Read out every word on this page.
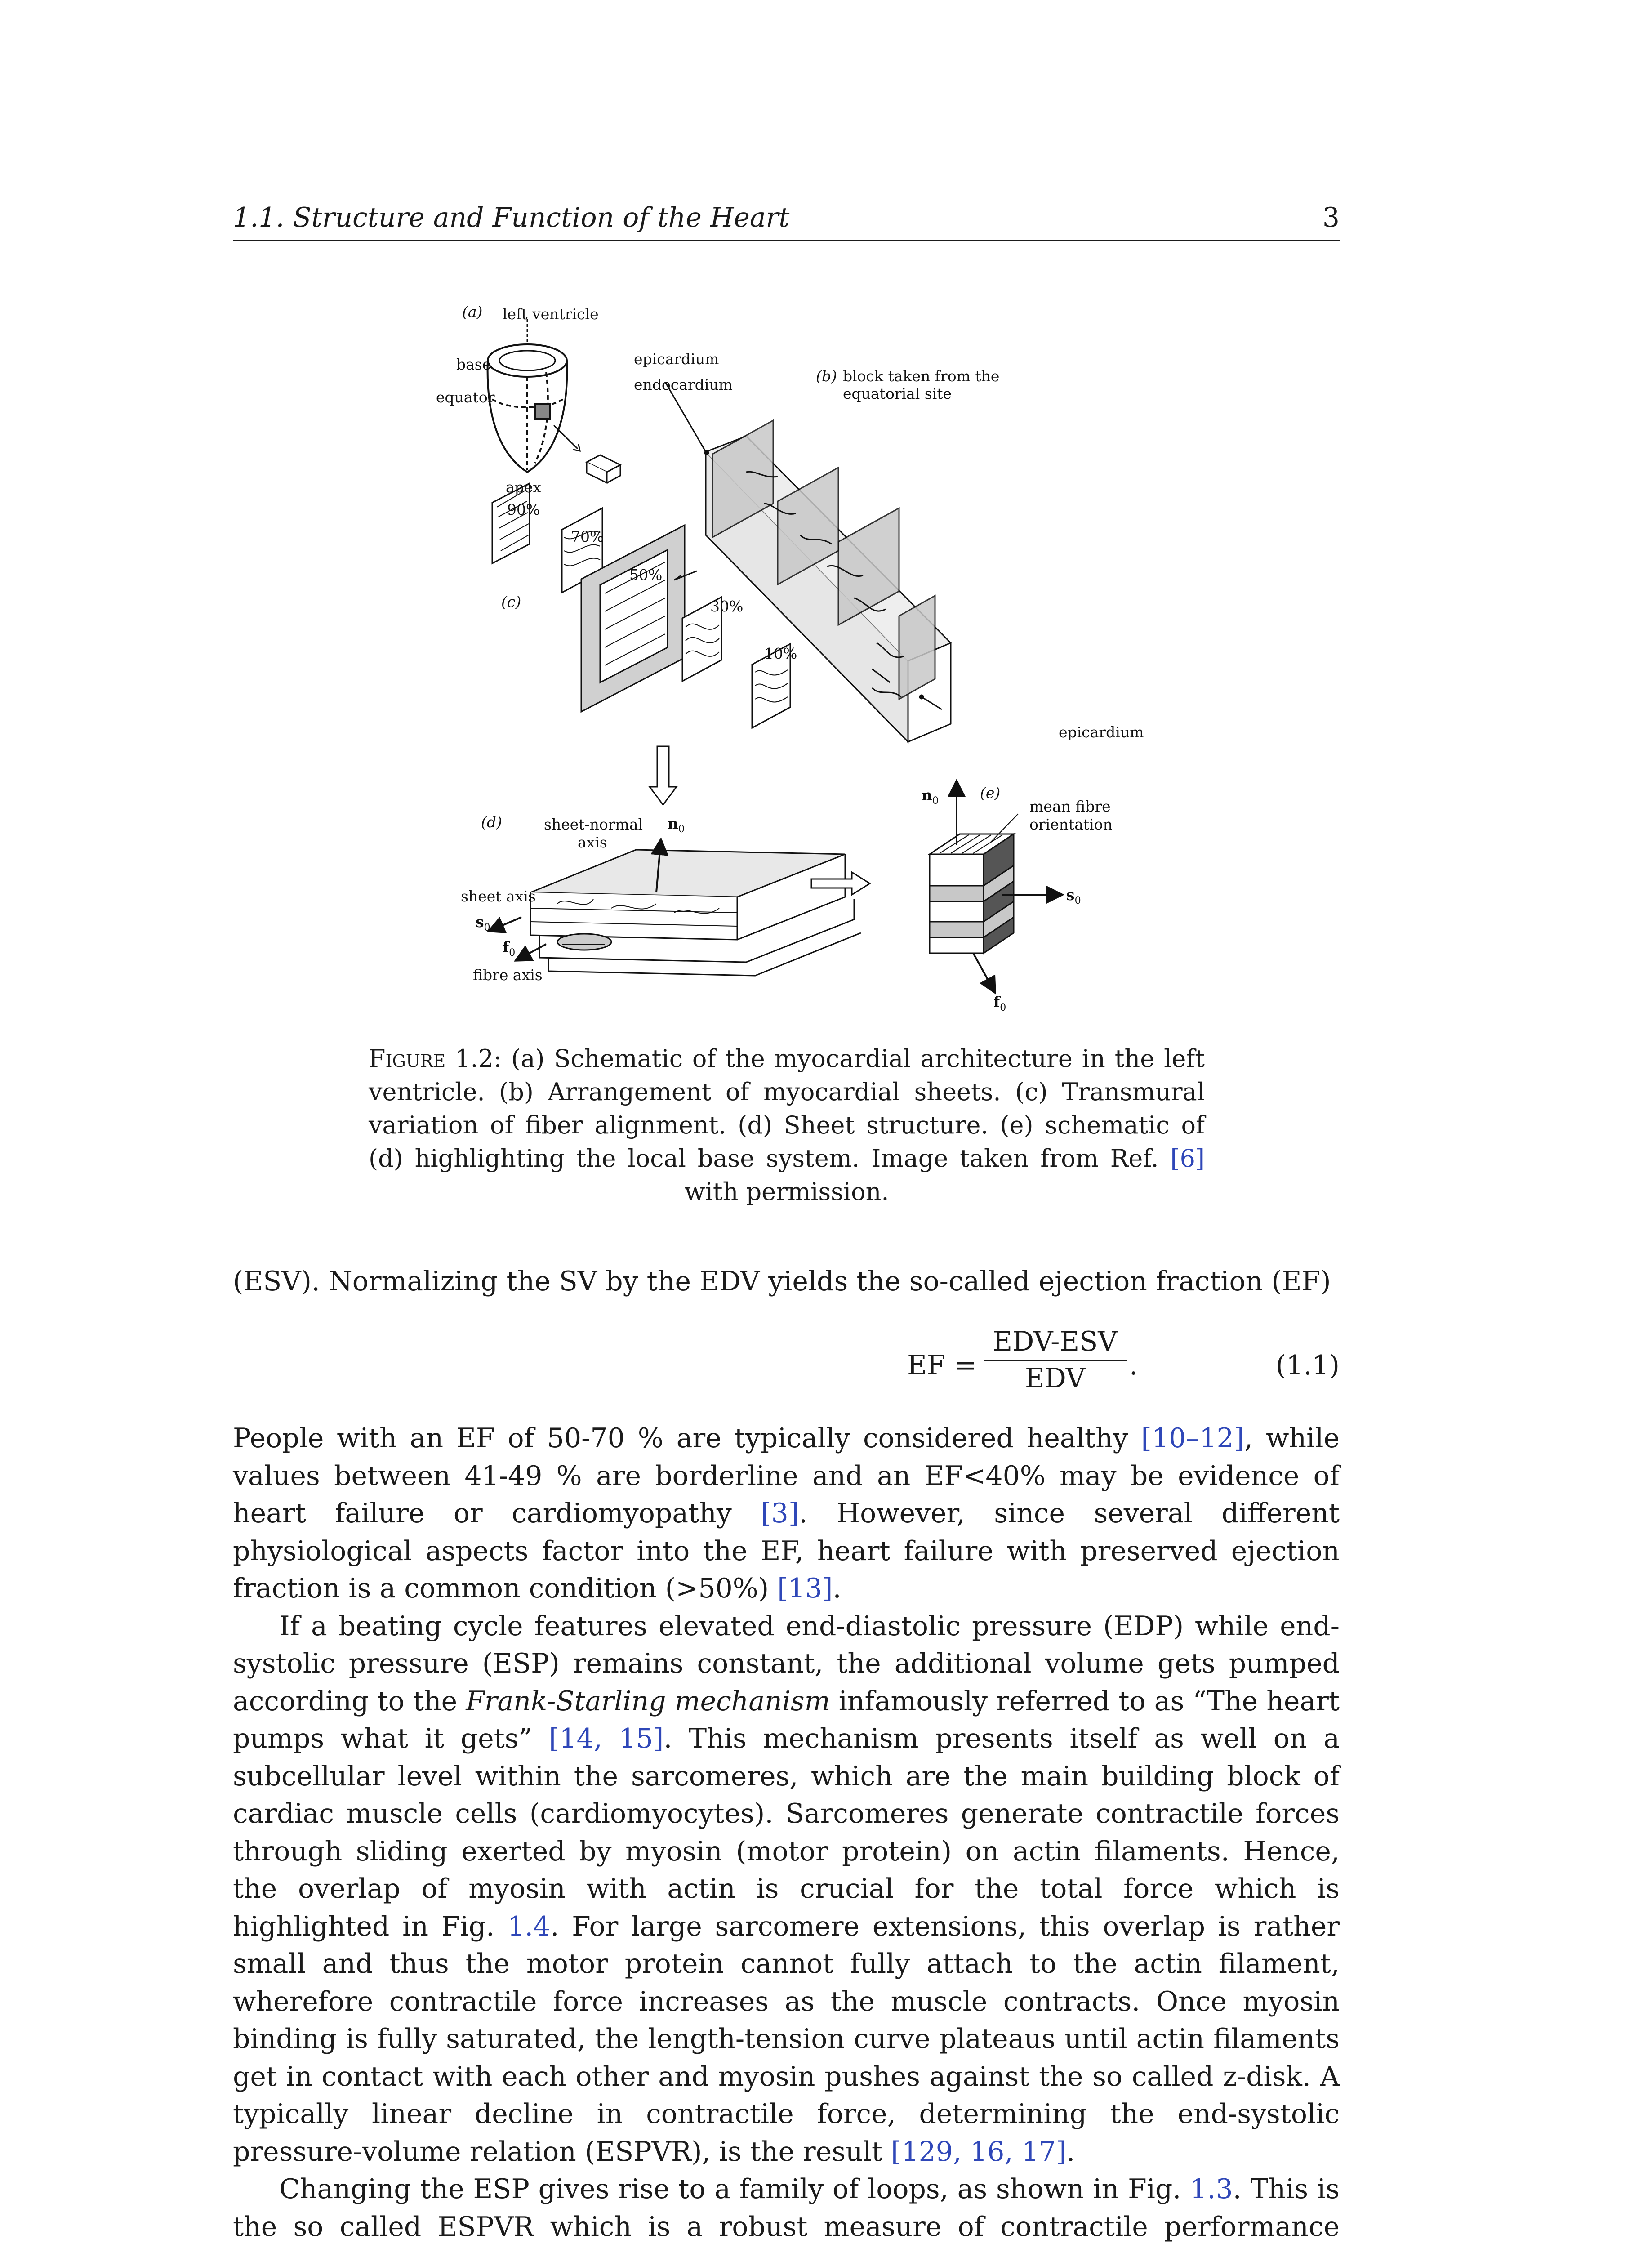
1.1. Structure and Function of the Heart	3
(a) left ventricle
base
equator
epicardium
endocardium	(b) block taken from the
equatorial site
apex
90%
70%
50%
30%
10%
(c)
epicardium
$n_0$	(e)
mean fibre
orientation
(d)	sheet-normal
axis
$n_0$
sheet axis
$s_0$
$f_0$
fibre axis
$s_0$
$f_0$
Figure 1.2: (a) Schematic of the myocardial architecture in the left ventricle. (b) Arrangement of myocardial sheets. (c) Transmural variation of fiber alignment. (d) Sheet structure. (e) schematic of (d) highlighting the local base system. Image taken from Ref. [6] with permission.
(ESV). Normalizing the SV by the EDV yields the so-called ejection fraction (EF)
EF =
EDV-ESV
EDV	.	(1.1)

People with an EF of 50-70 % are typically considered healthy [10–12], while values between 41-49 % are borderline and an EF<40% may be evidence of heart failure or cardiomyopathy [3]. However, since several different physiological aspects factor into the EF, heart failure with preserved ejection fraction is a common condition (>50%) [13].

If a beating cycle features elevated end-diastolic pressure (EDP) while end-systolic pressure (ESP) remains constant, the additional volume gets pumped according to the Frank-Starling mechanism infamously referred to as “The heart pumps what it gets” [14, 15]. This mechanism presents itself as well on a subcellular level within the sarcomeres, which are the main building block of cardiac muscle cells (cardiomyocytes). Sarcomeres generate contractile forces through sliding exerted by myosin (motor protein) on actin filaments. Hence, the overlap of myosin with actin is crucial for the total force which is highlighted in Fig. 1.4. For large sarcomere extensions, this overlap is rather small and thus the motor protein cannot fully attach to the actin filament, wherefore contractile force increases as the muscle contracts. Once myosin binding is fully saturated, the length-tension curve plateaus until actin filaments get in contact with each other and myosin pushes against the so called z-disk. A typically linear decline in contractile force, determining the end-systolic pressure-volume relation (ESPVR), is the result [129, 16, 17].

Changing the ESP gives rise to a family of loops, as shown in Fig. 1.3. This is the so called ESPVR which is a robust measure of contractile performance
